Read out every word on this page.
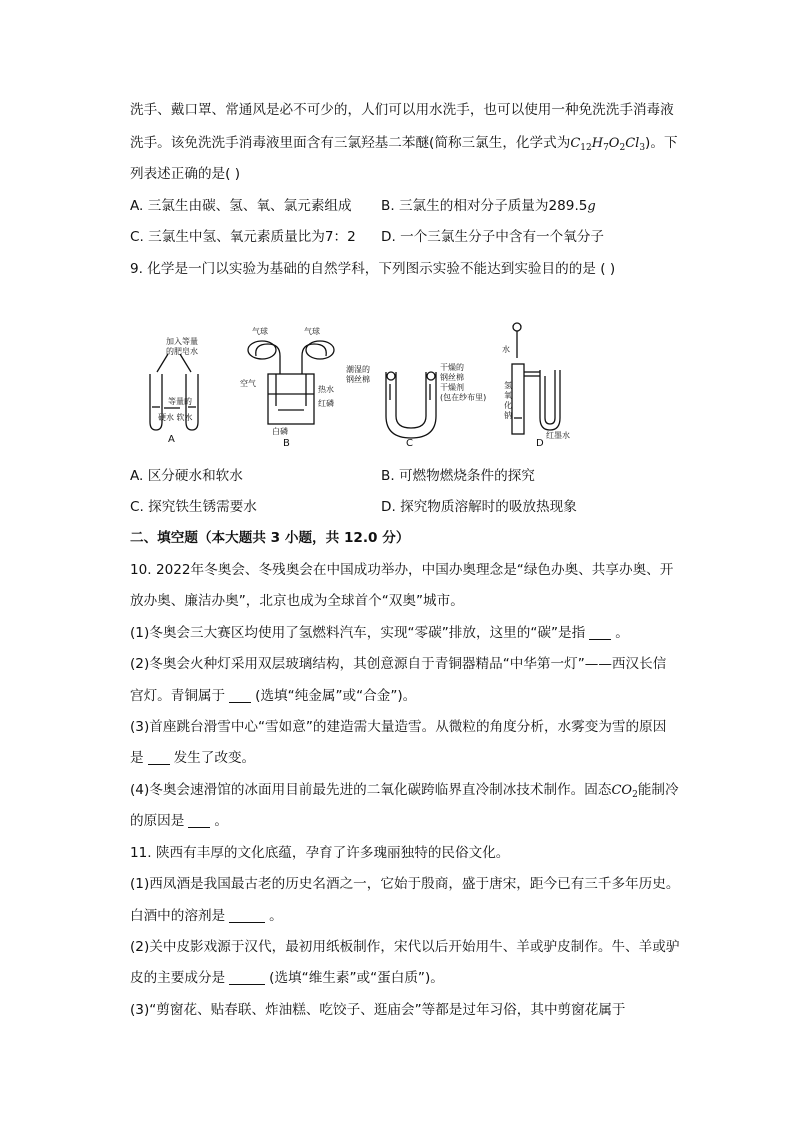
洗手、戴口罩、常通风是必不可少的，人们可以用水洗手，也可以使用一种免洗洗手消毒液
洗手。该免洗洗手消毒液里面含有三氯羟基二苯醚(简称三氯生，化学式为$C_{12}H_7O_2Cl_3$)。下
列表述正确的是( )
A. 三氯生由碳、氢、氧、氯元素组成 B. 三氯生的相对分子质量为289.5g
C. 三氯生中氢、氧元素质量比为7：2 D. 一个三氯生分子中含有一个氧分子
9. 化学是一门以实验为基础的自然学科，下列图示实验不能达到实验目的的是 ( )
加入等量
的肥皂水
等量的
硬水 软水
A
气球	气球
空气
热水
红磷
白磷
B
潮湿的
钢丝棉
干燥的
钢丝棉
干燥剂
(包在纱布里)
C
水
氢
氧
化
钠
红墨水
D
A. 区分硬水和软水	B. 可燃物燃烧条件的探究
C. 探究铁生锈需要水	D. 探究物质溶解时的吸放热现象
二、填空题（本大题共 3 小题，共 12.0 分）
10. 2022年冬奥会、冬残奥会在中国成功举办，中国办奥理念是“绿色办奥、共享办奥、开
放办奥、廉洁办奥”，北京也成为全球首个“双奥”城市。
(1)冬奥会三大赛区均使用了氢燃料汽车，实现“零碳”排放，这里的“碳”是指 。
(2)冬奥会火种灯采用双层玻璃结构，其创意源自于青铜器精品“中华第一灯”——西汉长信
宫灯。青铜属于 (选填“纯金属”或“合金”)。
(3)首座跳台滑雪中心“雪如意”的建造需大量造雪。从微粒的角度分析，水雾变为雪的原因
是 发生了改变。
(4)冬奥会速滑馆的冰面用目前最先进的二氧化碳跨临界直冷制冰技术制作。固态$CO_2$能制冷
的原因是 。
11. 陕西有丰厚的文化底蕴，孕育了许多瑰丽独特的民俗文化。
(1)西凤酒是我国最古老的历史名酒之一，它始于殷商，盛于唐宋，距今已有三千多年历史。
白酒中的溶剂是	。
(2)关中皮影戏源于汉代，最初用纸板制作，宋代以后开始用牛、羊或驴皮制作。牛、羊或驴
皮的主要成分是	(选填“维生素”或“蛋白质”)。
(3)“剪窗花、贴春联、炸油糕、吃饺子、逛庙会”等都是过年习俗，其中剪窗花属于
